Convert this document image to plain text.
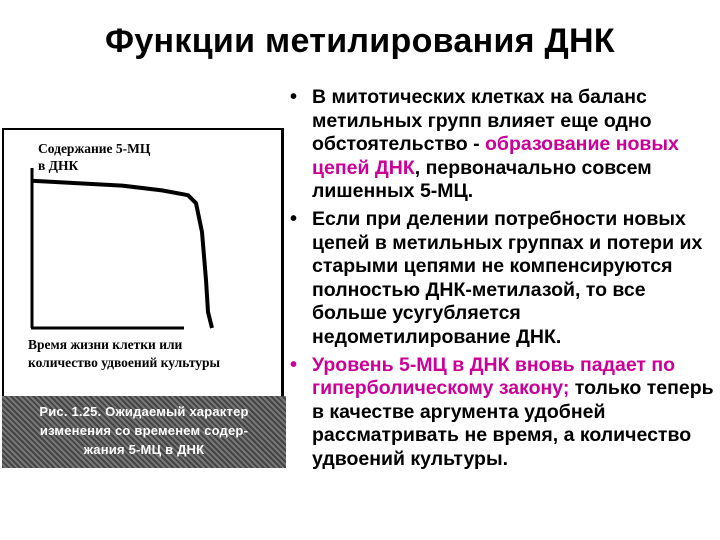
Функции метилирования ДНК
Содержание 5-МЦ
в ДНК
Время жизни клетки или
количество удвоений культуры
Рис. 1.25. Ожидаемый характер
изменения со временем содер-
жания 5-МЦ в ДНК
• В митотических клетках на баланс метильных групп влияет еще одно обстоятельство - образование новых цепей ДНК, первоначально совсем лишенных 5-МЦ.
• Если при делении потребности новых цепей в метильных группах и потери их старыми цепями не компенсируются полностью ДНК-метилазой, то все больше усугубляется недометилирование ДНК.
• Уровень 5-МЦ в ДНК вновь падает по гиперболическому закону; только теперь в качестве аргумента удобней рассматривать не время, а количество удвоений культуры.
